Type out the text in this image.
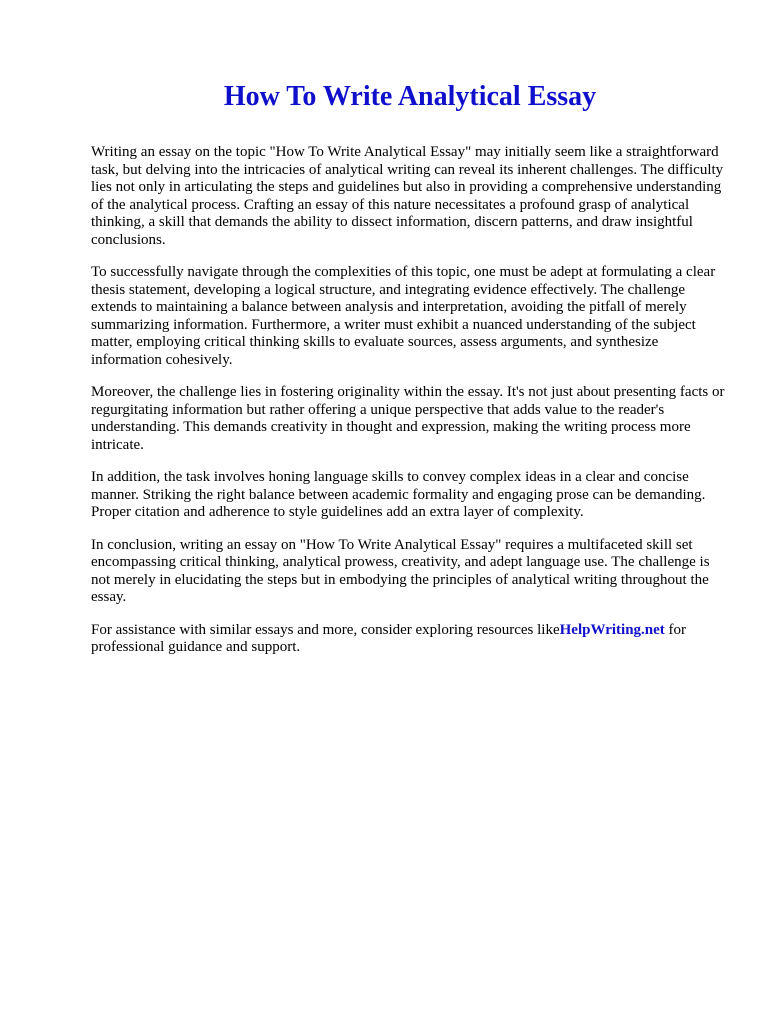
How To Write Analytical Essay

Writing an essay on the topic "How To Write Analytical Essay" may initially seem like a straightforward task, but delving into the intricacies of analytical writing can reveal its inherent challenges. The difficulty lies not only in articulating the steps and guidelines but also in providing a comprehensive understanding of the analytical process. Crafting an essay of this nature necessitates a profound grasp of analytical thinking, a skill that demands the ability to dissect information, discern patterns, and draw insightful conclusions.

To successfully navigate through the complexities of this topic, one must be adept at formulating a clear thesis statement, developing a logical structure, and integrating evidence effectively. The challenge extends to maintaining a balance between analysis and interpretation, avoiding the pitfall of merely summarizing information. Furthermore, a writer must exhibit a nuanced understanding of the subject matter, employing critical thinking skills to evaluate sources, assess arguments, and synthesize information cohesively.

Moreover, the challenge lies in fostering originality within the essay. It's not just about presenting facts or regurgitating information but rather offering a unique perspective that adds value to the reader's understanding. This demands creativity in thought and expression, making the writing process more intricate.

In addition, the task involves honing language skills to convey complex ideas in a clear and concise manner. Striking the right balance between academic formality and engaging prose can be demanding. Proper citation and adherence to style guidelines add an extra layer of complexity.

In conclusion, writing an essay on "How To Write Analytical Essay" requires a multifaceted skill set encompassing critical thinking, analytical prowess, creativity, and adept language use. The challenge is not merely in elucidating the steps but in embodying the principles of analytical writing throughout the essay.

For assistance with similar essays and more, consider exploring resources likeHelpWriting.net for professional guidance and support.
